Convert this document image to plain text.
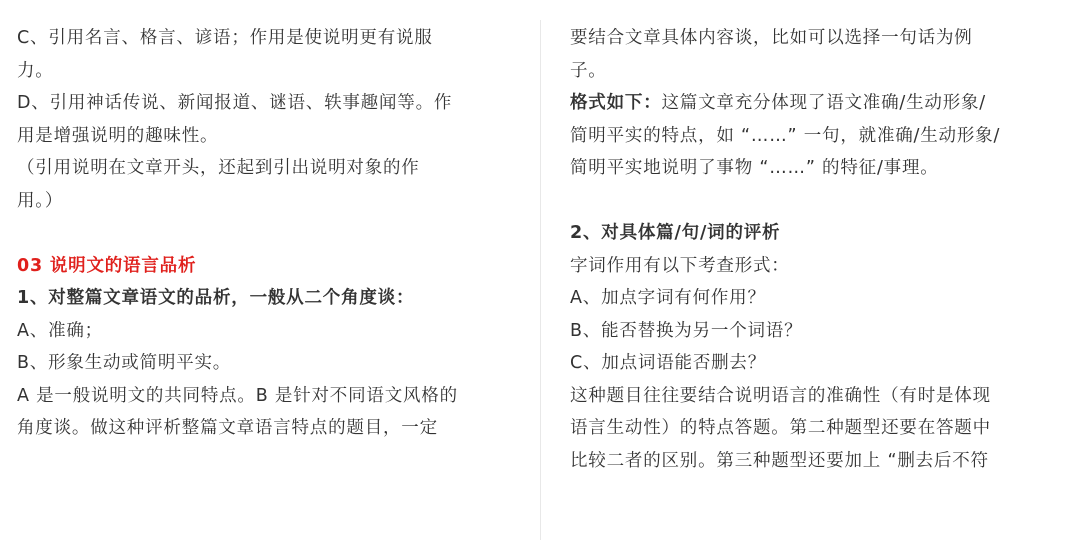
C、引用名言、格言、谚语；作用是使说明更有说服
力。
D、引用神话传说、新闻报道、谜语、轶事趣闻等。作
用是增强说明的趣味性。
（引用说明在文章开头，还起到引出说明对象的作
用。）
03 说明文的语言品析
1、对整篇文章语文的品析，一般从二个角度谈：
A、准确；
B、形象生动或简明平实。
A 是一般说明文的共同特点。B 是针对不同语文风格的
角度谈。做这种评析整篇文章语言特点的题目，一定
要结合文章具体内容谈，比如可以选择一句话为例
子。
格式如下：这篇文章充分体现了语文准确/生动形象/
简明平实的特点，如 “……” 一句，就准确/生动形象/
简明平实地说明了事物 “……” 的特征/事理。
2、对具体篇/句/词的评析
字词作用有以下考查形式：
A、加点字词有何作用？
B、能否替换为另一个词语？
C、加点词语能否删去？
这种题目往往要结合说明语言的准确性（有时是体现
语言生动性）的特点答题。第二种题型还要在答题中
比较二者的区别。第三种题型还要加上 “删去后不符
